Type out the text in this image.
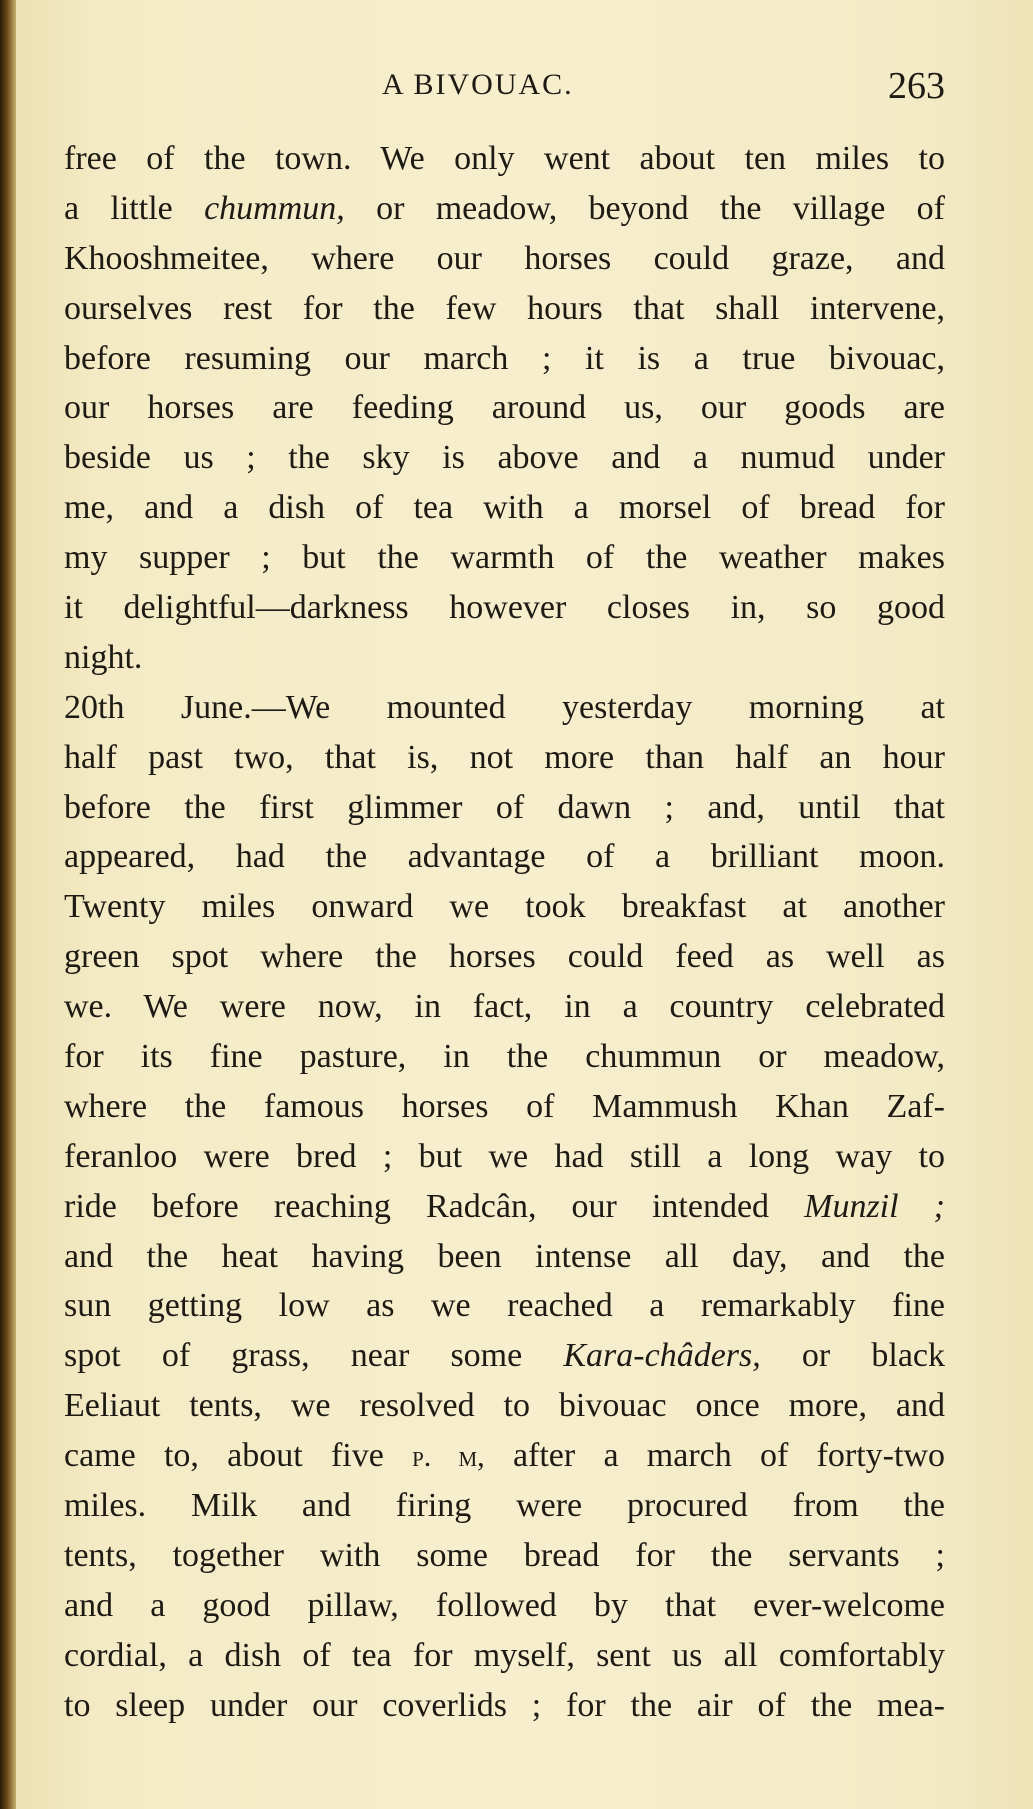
A BIVOUAC.	263
free of the town. We only went about ten miles to
a little chummun, or meadow, beyond the village of
Khooshmeitee, where our horses could graze, and
ourselves rest for the few hours that shall intervene,
before resuming our march ; it is a true bivouac,
our horses are feeding around us, our goods are
beside us ; the sky is above and a numud under
me, and a dish of tea with a morsel of bread for
my supper ; but the warmth of the weather makes
it delightful—darkness however closes in, so good
night.
20th June.—We mounted yesterday morning at
half past two, that is, not more than half an hour
before the first glimmer of dawn ; and, until that
appeared, had the advantage of a brilliant moon.
Twenty miles onward we took breakfast at another
green spot where the horses could feed as well as
we. We were now, in fact, in a country celebrated
for its fine pasture, in the chummun or meadow,
where the famous horses of Mammush Khan Zaf-
feranloo were bred ; but we had still a long way to
ride before reaching Radcân, our intended Munzil ;
and the heat having been intense all day, and the
sun getting low as we reached a remarkably fine
spot of grass, near some Kara-châders, or black
Eeliaut tents, we resolved to bivouac once more, and
came to, about five p. m, after a march of forty-two
miles. Milk and firing were procured from the
tents, together with some bread for the servants ;
and a good pillaw, followed by that ever-welcome
cordial, a dish of tea for myself, sent us all comfortably
to sleep under our coverlids ; for the air of the mea-
